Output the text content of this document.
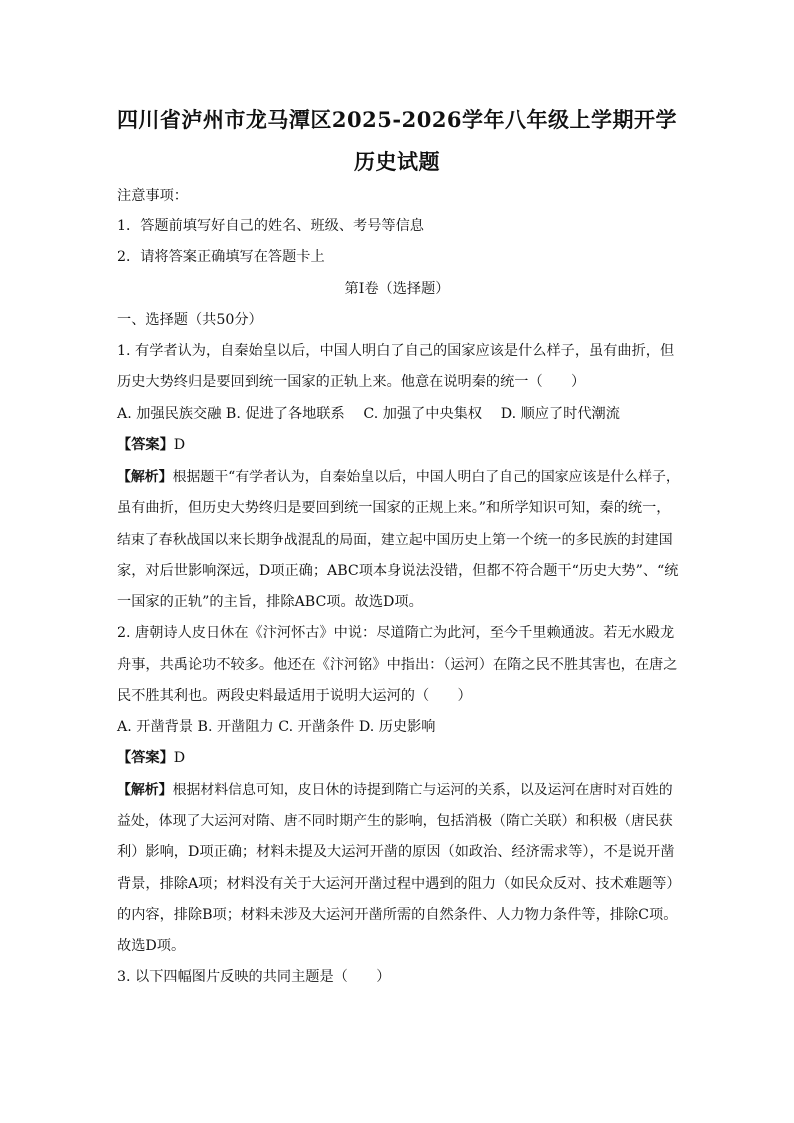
四川省泸州市龙马潭区2025-2026学年八年级上学期开学
历史试题
注意事项：
1．答题前填写好自己的姓名、班级、考号等信息
2．请将答案正确填写在答题卡上
第I卷（选择题）
一、选择题（共50分）
1. 有学者认为，自秦始皇以后，中国人明白了自己的国家应该是什么样子，虽有曲折，但
历史大势终归是要回到统一国家的正轨上来。他意在说明秦的统一（　　）
A. 加强民族交融 B. 促进了各地联系　 C. 加强了中央集权　 D. 顺应了时代潮流
【答案】D
【解析】根据题干“有学者认为，自秦始皇以后，中国人明白了自己的国家应该是什么样子，
虽有曲折，但历史大势终归是要回到统一国家的正规上来。”和所学知识可知，秦的统一，
结束了春秋战国以来长期争战混乱的局面，建立起中国历史上第一个统一的多民族的封建国
家，对后世影响深远，D项正确；ABC项本身说法没错，但都不符合题干“历史大势”、“统
一国家的正轨”的主旨，排除ABC项。故选D项。
2. 唐朝诗人皮日休在《汴河怀古》中说：尽道隋亡为此河，至今千里赖通波。若无水殿龙
舟事，共禹论功不较多。他还在《汴河铭》中指出：（运河）在隋之民不胜其害也，在唐之
民不胜其利也。两段史料最适用于说明大运河的（　　）
A. 开凿背景 B. 开凿阻力 C. 开凿条件 D. 历史影响
【答案】D
【解析】根据材料信息可知，皮日休的诗提到隋亡与运河的关系，以及运河在唐时对百姓的
益处，体现了大运河对隋、唐不同时期产生的影响，包括消极（隋亡关联）和积极（唐民获
利）影响，D项正确；材料未提及大运河开凿的原因（如政治、经济需求等），不是说开凿
背景，排除A项；材料没有关于大运河开凿过程中遇到的阻力（如民众反对、技术难题等）
的内容，排除B项；材料未涉及大运河开凿所需的自然条件、人力物力条件等，排除C项。
故选D项。
3. 以下四幅图片反映的共同主题是（　　）
